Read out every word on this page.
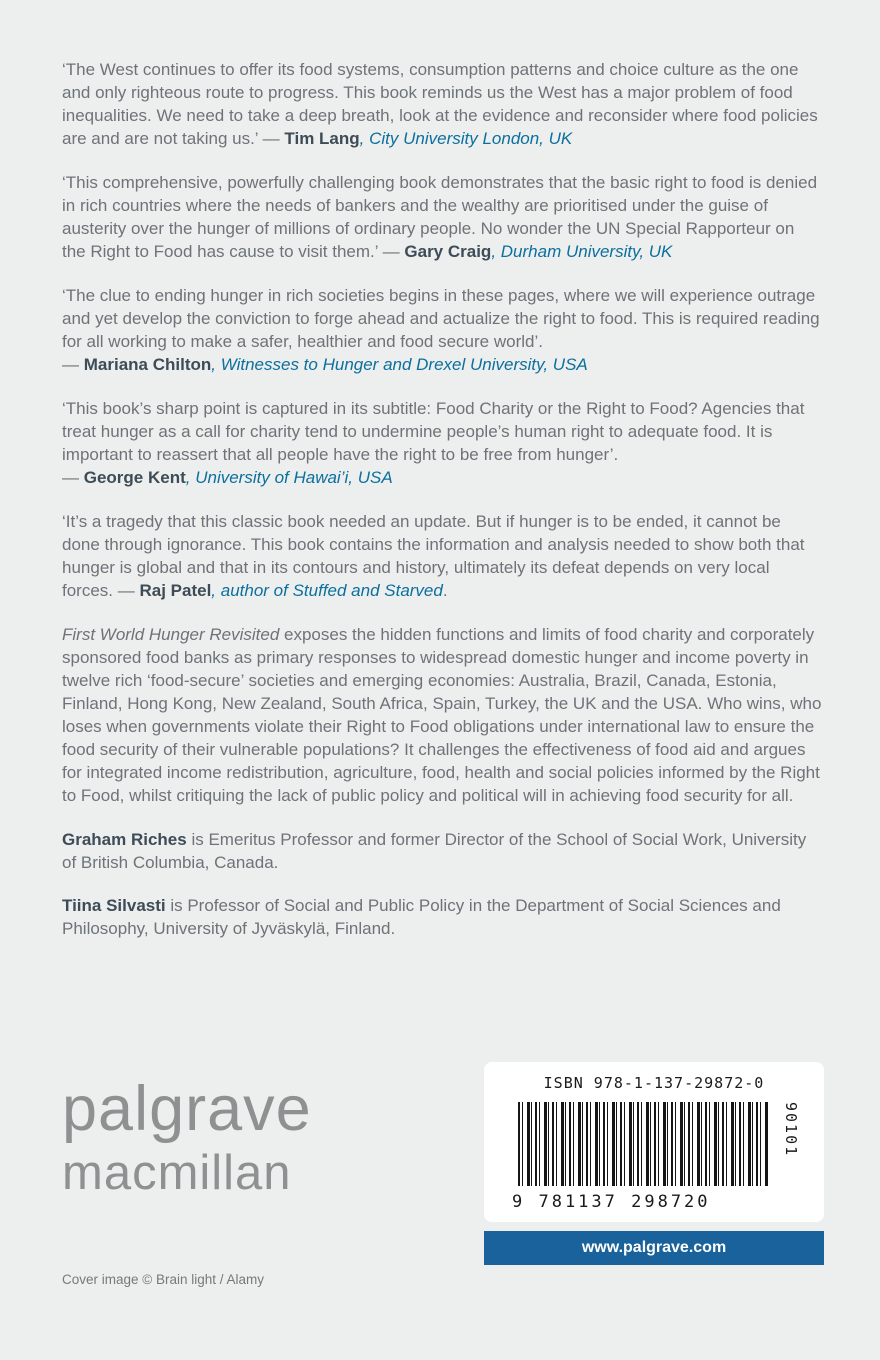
‘The West continues to offer its food systems, consumption patterns and choice culture as the one and only righteous route to progress. This book reminds us the West has a major problem of food inequalities. We need to take a deep breath, look at the evidence and reconsider where food policies are and are not taking us.’ — Tim Lang, City University London, UK

‘This comprehensive, powerfully challenging book demonstrates that the basic right to food is denied in rich countries where the needs of bankers and the wealthy are prioritised under the guise of austerity over the hunger of millions of ordinary people. No wonder the UN Special Rapporteur on the Right to Food has cause to visit them.’ — Gary Craig, Durham University, UK

‘The clue to ending hunger in rich societies begins in these pages, where we will experience outrage and yet develop the conviction to forge ahead and actualize the right to food. This is required reading for all working to make a safer, healthier and food secure world’.
— Mariana Chilton, Witnesses to Hunger and Drexel University, USA

‘This book’s sharp point is captured in its subtitle: Food Charity or the Right to Food? Agencies that treat hunger as a call for charity tend to undermine people’s human right to adequate food. It is important to reassert that all people have the right to be free from hunger’.
— George Kent, University of Hawai’i, USA

‘It’s a tragedy that this classic book needed an update. But if hunger is to be ended, it cannot be done through ignorance. This book contains the information and analysis needed to show both that hunger is global and that in its contours and history, ultimately its defeat depends on very local forces. — Raj Patel, author of Stuffed and Starved.

First World Hunger Revisited exposes the hidden functions and limits of food charity and corporately sponsored food banks as primary responses to widespread domestic hunger and income poverty in twelve rich ‘food-secure’ societies and emerging economies: Australia, Brazil, Canada, Estonia, Finland, Hong Kong, New Zealand, South Africa, Spain, Turkey, the UK and the USA. Who wins, who loses when governments violate their Right to Food obligations under international law to ensure the food security of their vulnerable populations? It challenges the effectiveness of food aid and argues for integrated income redistribution, agriculture, food, health and social policies informed by the Right to Food, whilst critiquing the lack of public policy and political will in achieving food security for all.

Graham Riches is Emeritus Professor and former Director of the School of Social Work, University of British Columbia, Canada.

Tiina Silvasti is Professor of Social and Public Policy in the Department of Social Sciences and Philosophy, University of Jyväskylä, Finland.

palgrave
macmillan
ISBN 978-1-137-29872-0
90101
9 781137 298720
www.palgrave.com
Cover image © Brain light / Alamy
